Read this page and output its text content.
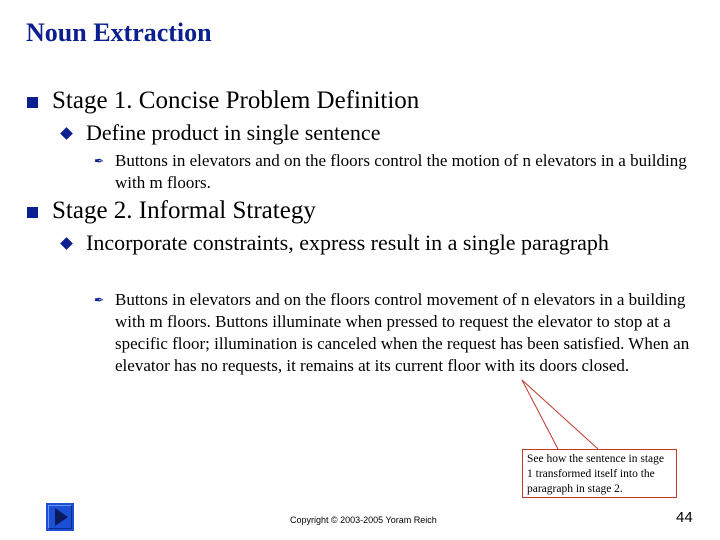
Noun Extraction
Stage 1. Concise Problem Definition
Define product in single sentence
✒ Buttons in elevators and on the floors control the motion of n elevators in a building with m floors.
Stage 2. Informal Strategy
Incorporate constraints, express result in a single paragraph
✒ Buttons in elevators and on the floors control movement of n elevators in a building with m floors. Buttons illuminate when pressed to request the elevator to stop at a specific floor; illumination is canceled when the request has been satisfied. When an elevator has no requests, it remains at its current floor with its doors closed.
See how the sentence in stage 1 transformed itself into the paragraph in stage 2.
Copyright © 2003-2005 Yoram Reich	44
